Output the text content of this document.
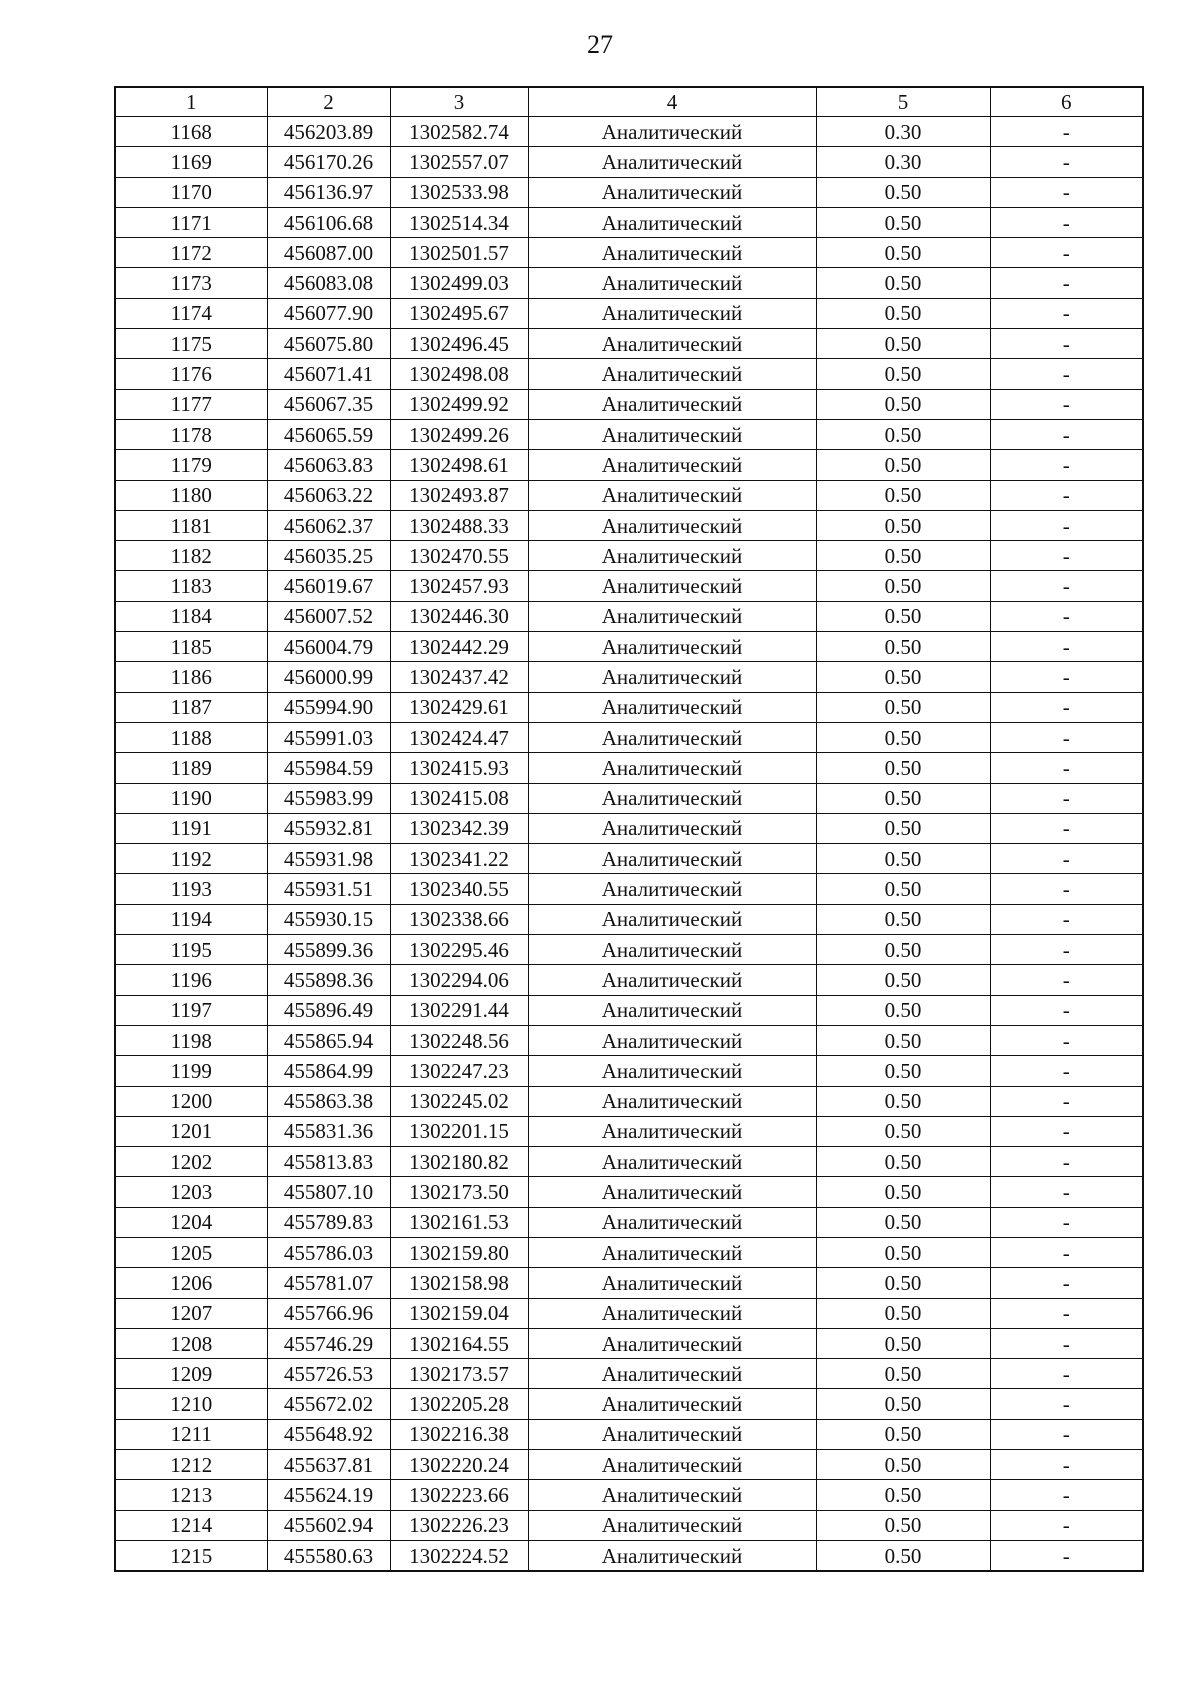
27
1	2	3	4	5	6
1168	456203.89	1302582.74	Аналитический	0.30	-
1169	456170.26	1302557.07	Аналитический	0.30	-
1170	456136.97	1302533.98	Аналитический	0.50	-
1171	456106.68	1302514.34	Аналитический	0.50	-
1172	456087.00	1302501.57	Аналитический	0.50	-
1173	456083.08	1302499.03	Аналитический	0.50	-
1174	456077.90	1302495.67	Аналитический	0.50	-
1175	456075.80	1302496.45	Аналитический	0.50	-
1176	456071.41	1302498.08	Аналитический	0.50	-
1177	456067.35	1302499.92	Аналитический	0.50	-
1178	456065.59	1302499.26	Аналитический	0.50	-
1179	456063.83	1302498.61	Аналитический	0.50	-
1180	456063.22	1302493.87	Аналитический	0.50	-
1181	456062.37	1302488.33	Аналитический	0.50	-
1182	456035.25	1302470.55	Аналитический	0.50	-
1183	456019.67	1302457.93	Аналитический	0.50	-
1184	456007.52	1302446.30	Аналитический	0.50	-
1185	456004.79	1302442.29	Аналитический	0.50	-
1186	456000.99	1302437.42	Аналитический	0.50	-
1187	455994.90	1302429.61	Аналитический	0.50	-
1188	455991.03	1302424.47	Аналитический	0.50	-
1189	455984.59	1302415.93	Аналитический	0.50	-
1190	455983.99	1302415.08	Аналитический	0.50	-
1191	455932.81	1302342.39	Аналитический	0.50	-
1192	455931.98	1302341.22	Аналитический	0.50	-
1193	455931.51	1302340.55	Аналитический	0.50	-
1194	455930.15	1302338.66	Аналитический	0.50	-
1195	455899.36	1302295.46	Аналитический	0.50	-
1196	455898.36	1302294.06	Аналитический	0.50	-
1197	455896.49	1302291.44	Аналитический	0.50	-
1198	455865.94	1302248.56	Аналитический	0.50	-
1199	455864.99	1302247.23	Аналитический	0.50	-
1200	455863.38	1302245.02	Аналитический	0.50	-
1201	455831.36	1302201.15	Аналитический	0.50	-
1202	455813.83	1302180.82	Аналитический	0.50	-
1203	455807.10	1302173.50	Аналитический	0.50	-
1204	455789.83	1302161.53	Аналитический	0.50	-
1205	455786.03	1302159.80	Аналитический	0.50	-
1206	455781.07	1302158.98	Аналитический	0.50	-
1207	455766.96	1302159.04	Аналитический	0.50	-
1208	455746.29	1302164.55	Аналитический	0.50	-
1209	455726.53	1302173.57	Аналитический	0.50	-
1210	455672.02	1302205.28	Аналитический	0.50	-
1211	455648.92	1302216.38	Аналитический	0.50	-
1212	455637.81	1302220.24	Аналитический	0.50	-
1213	455624.19	1302223.66	Аналитический	0.50	-
1214	455602.94	1302226.23	Аналитический	0.50	-
1215	455580.63	1302224.52	Аналитический	0.50	-
